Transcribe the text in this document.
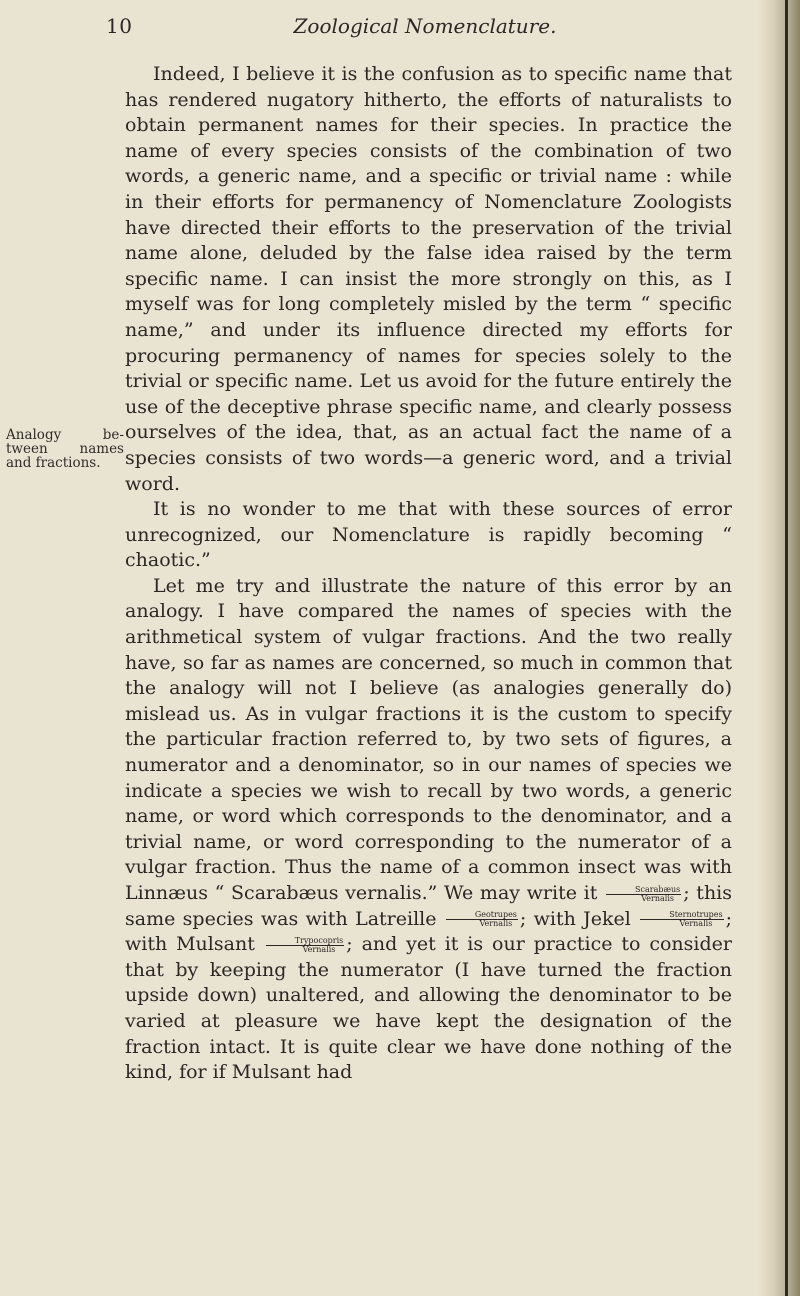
10	Zoological Nomenclature.
Analogy be-
tween names
and fractions.

Indeed, I believe it is the confusion as to specific name that has rendered nugatory hitherto, the efforts of naturalists to obtain permanent names for their species. In practice the name of every species consists of the combination of two words, a generic name, and a specific or trivial name : while in their efforts for permanency of Nomenclature Zoologists have directed their efforts to the preservation of the trivial name alone, deluded by the false idea raised by the term specific name. I can insist the more strongly on this, as I myself was for long completely misled by the term “ specific name,” and under its influence directed my efforts for procuring permanency of names for species solely to the trivial or specific name. Let us avoid for the future entirely the use of the deceptive phrase specific name, and clearly possess ourselves of the idea, that, as an actual fact the name of a species consists of two words—a generic word, and a trivial word.

It is no wonder to me that with these sources of error unrecognized, our Nomenclature is rapidly becoming “ chaotic.”

Let me try and illustrate the nature of this error by an analogy. I have compared the names of species with the arithmetical system of vulgar fractions. And the two really have, so far as names are concerned, so much in common that the analogy will not I believe (as analogies generally do) mislead us. As in vulgar fractions it is the custom to specify the particular fraction referred to, by two sets of figures, a numerator and a denominator, so in our names of species we indicate a species we wish to recall by two words, a generic name, or word which corresponds to the denominator, and a trivial name, or word corresponding to the numerator of a vulgar fraction. Thus the name of a common insect was with Linnæus “ Scarabæus vernalis.” We may write it $\frac{\text{Scarabæus}}{\text{Vernalis}}$ ; this same species was with Latreille $\frac{\text{Geotrupes}}{\text{Vernalis}}$ ; with Jekel $\frac{\text{Sternotrupes}}{\text{Vernalis}}$ ; with Mulsant $\frac{\text{Trypocopris}}{\text{Vernalis}}$ ; and yet it is our practice to consider that by keeping the numerator (I have turned the fraction upside down) unaltered, and allowing the denominator to be varied at pleasure we have kept the designation of the fraction intact. It is quite clear we have done nothing of the kind, for if Mulsant had
